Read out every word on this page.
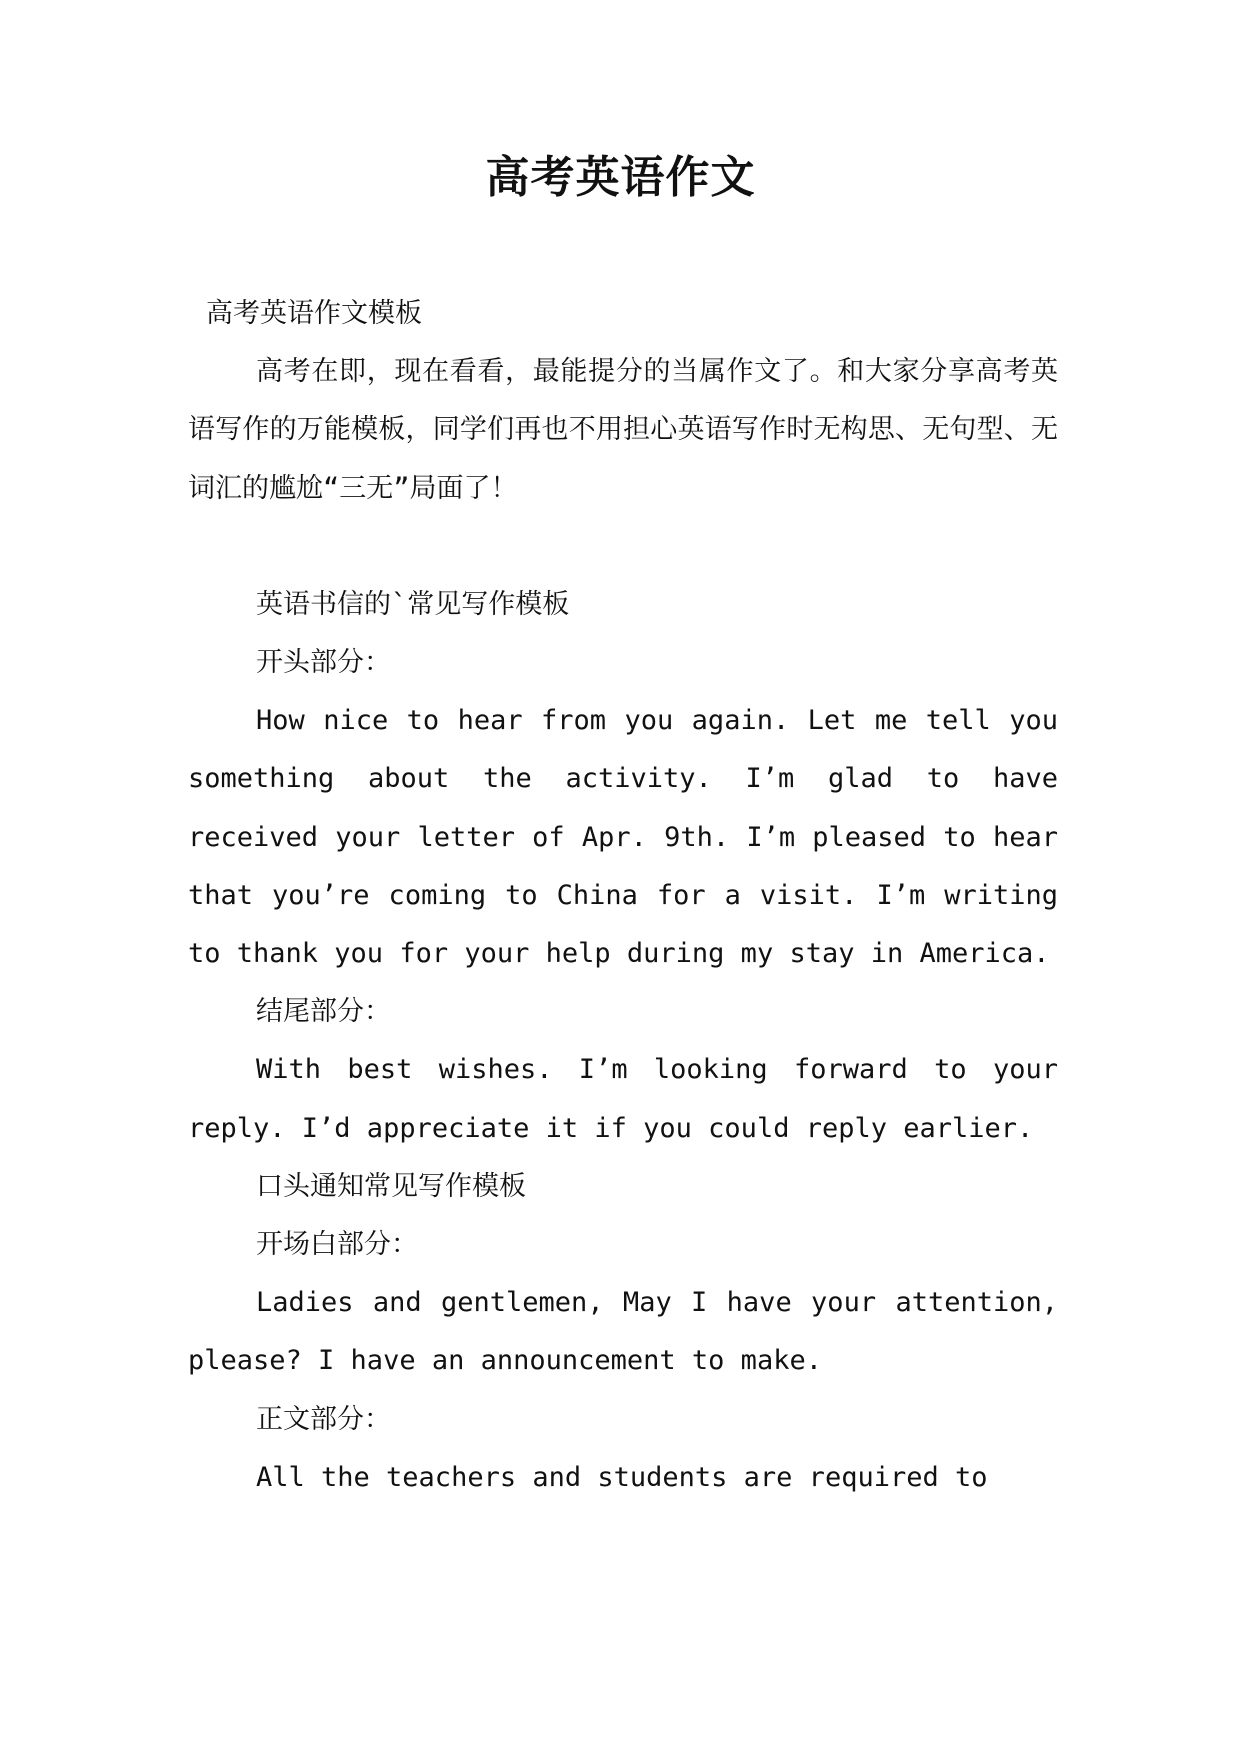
高考英语作文

高考英语作文模板

高考在即，现在看看，最能提分的当属作文了。和大家分享高考英语写作的万能模板，同学们再也不用担心英语写作时无构思、无句型、无词汇的尴尬“三无”局面了！

英语书信的`常见写作模板

开头部分：

How nice to hear from you again. Let me tell you something about the activity. I’m glad to have received your letter of Apr. 9th. I’m pleased to hear that you’re coming to China for a visit. I’m writing to thank you for your help during my stay in America.

结尾部分：

With best wishes. I’m looking forward to your reply. I’d appreciate it if you could reply earlier.

口头通知常见写作模板

开场白部分：

Ladies and gentlemen, May I have your attention, please? I have an announcement to make.

正文部分：

All the teachers and students are required to
